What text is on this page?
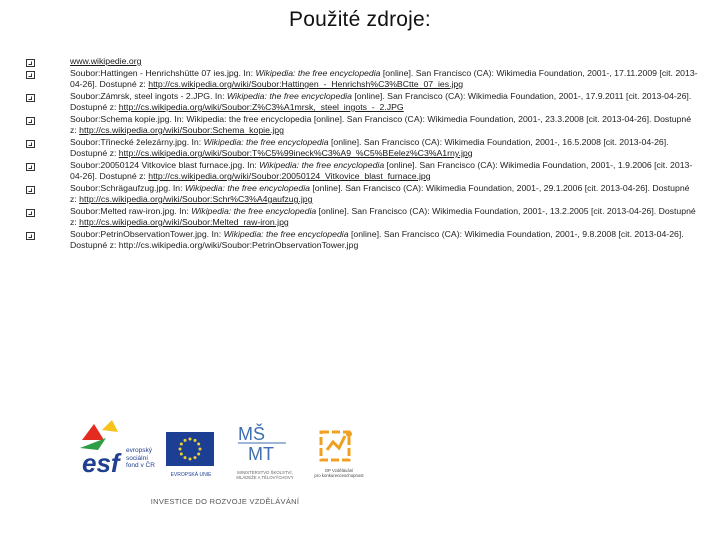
Použité zdroje:
www.wikipedie.org
Soubor:Hattingen - Henrichshütte 07 ies.jpg. In: Wikipedia: the free encyclopedia [online]. San Francisco (CA): Wikimedia Foundation, 2001-, 17.11.2009 [cit. 2013-04-26]. Dostupné z: http://cs.wikipedia.org/wiki/Soubor:Hattingen_-_Henrichsh%C3%BCtte_07_ies.jpg
Soubor:Zámrsk, steel ingots - 2.JPG. In: Wikipedia: the free encyclopedia [online]. San Francisco (CA): Wikimedia Foundation, 2001-, 17.9.2011 [cit. 2013-04-26]. Dostupné z: http://cs.wikipedia.org/wiki/Soubor:Z%C3%A1mrsk,_steel_ingots_-_2.JPG
Soubor:Schema kopie.jpg. In: Wikipedia: the free encyclopedia [online]. San Francisco (CA): Wikimedia Foundation, 2001-, 23.3.2008 [cit. 2013-04-26]. Dostupné z: http://cs.wikipedia.org/wiki/Soubor:Schema_kopie.jpg
Soubor:Třinecké železárny.jpg. In: Wikipedia: the free encyclopedia [online]. San Francisco (CA): Wikimedia Foundation, 2001-, 16.5.2008 [cit. 2013-04-26]. Dostupné z: http://cs.wikipedia.org/wiki/Soubor:T%C5%99ineck%C3%A9_%C5%BEelez%C3%A1rny.jpg
Soubor:20050124 Vitkovice blast furnace.jpg. In: Wikipedia: the free encyclopedia [online]. San Francisco (CA): Wikimedia Foundation, 2001-, 1.9.2006 [cit. 2013-04-26]. Dostupné z: http://cs.wikipedia.org/wiki/Soubor:20050124_Vitkovice_blast_furnace.jpg
Soubor:Schrägaufzug.jpg. In: Wikipedia: the free encyclopedia [online]. San Francisco (CA): Wikimedia Foundation, 2001-, 29.1.2006 [cit. 2013-04-26]. Dostupné z: http://cs.wikipedia.org/wiki/Soubor:Schr%C3%A4gaufzug.jpg
Soubor:Melted raw-iron.jpg. In: Wikipedia: the free encyclopedia [online]. San Francisco (CA): Wikimedia Foundation, 2001-, 13.2.2005 [cit. 2013-04-26]. Dostupné z: http://cs.wikipedia.org/wiki/Soubor:Melted_raw-iron.jpg
Soubor:PetrinObservationTower.jpg. In: Wikipedia: the free encyclopedia [online]. San Francisco (CA): Wikimedia Foundation, 2001-, 9.8.2008 [cit. 2013-04-26]. Dostupné z: http://cs.wikipedia.org/wiki/Soubor:PetrinObservationTower.jpg
esf evropský
sociální
fond v ČR
EVROPSKÁ UNIE
MŠ
MT
MINISTERSTVO ŠKOLSTVÍ,
MLÁDEŽE A TĚLOVÝCHOVY
OP Vzdělávání
pro konkurenceschopnost
INVESTICE DO ROZVOJE VZDĚLÁVÁNÍ
